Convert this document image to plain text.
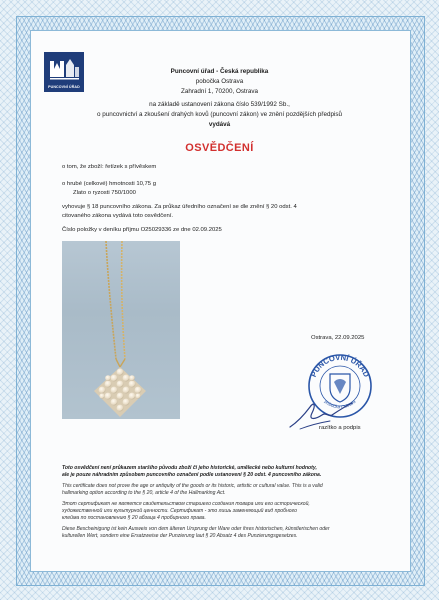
PUNCOVNÍ ÚŘAD
Puncovní úřad - Česká republika
pobočka Ostrava
Zahradní 1, 70200, Ostrava
na základě ustanovení zákona číslo 539/1992 Sb.,
o puncovnictví a zkoušení drahých kovů (puncovní zákon) ve znění pozdějších předpisů
vydává
OSVĚDČENÍ
o tom, že zboží: řetízek s přívěskem
o hrubé (celkové) hmotnosti 10,75 g
Zlato o ryzosti 750/1000
vyhovuje § 18 puncovního zákona. Za průkaz úředního označení se dle znění § 20 odst. 4
citovaného zákona vydává toto osvědčení.
Číslo položky v deníku příjmu O25029336 ze dne 02.09.2025
Ostrava, 22.09.2025
PUNCOVNÍ ÚŘAD
pobočka Ostrava
razítko a podpis
Toto osvědčení není průkazem staršího původu zboží či jeho historické, umělecké nebo kulturní hodnoty,
ale je pouze náhradním způsobem puncovního označení podle ustanovení § 20 odst. 4 puncovního zákona.
This certificate does not prove the age or antiquity of the goods or its historic, artistic or cultural value. This is a valid
hallmarking option according to the § 20, article 4 of the Hallmarking Act.
Этот сертификат не является свидетельством старшего создания товара или его исторической,
художественной или культурной ценности. Сертификат - это лишь заменяющий вид пробного
клейма по постановлению § 20 абзаца 4 пробирного права.
Diese Bescheinigung ist kein Ausweis von dem älteren Ursprung der Ware oder ihres historischen, künstlerischen oder
kulturellen Wert, sondern eine Ersatzweise der Punzierung laut § 20 Absatz 4 des Punzierungsgesetzes.
